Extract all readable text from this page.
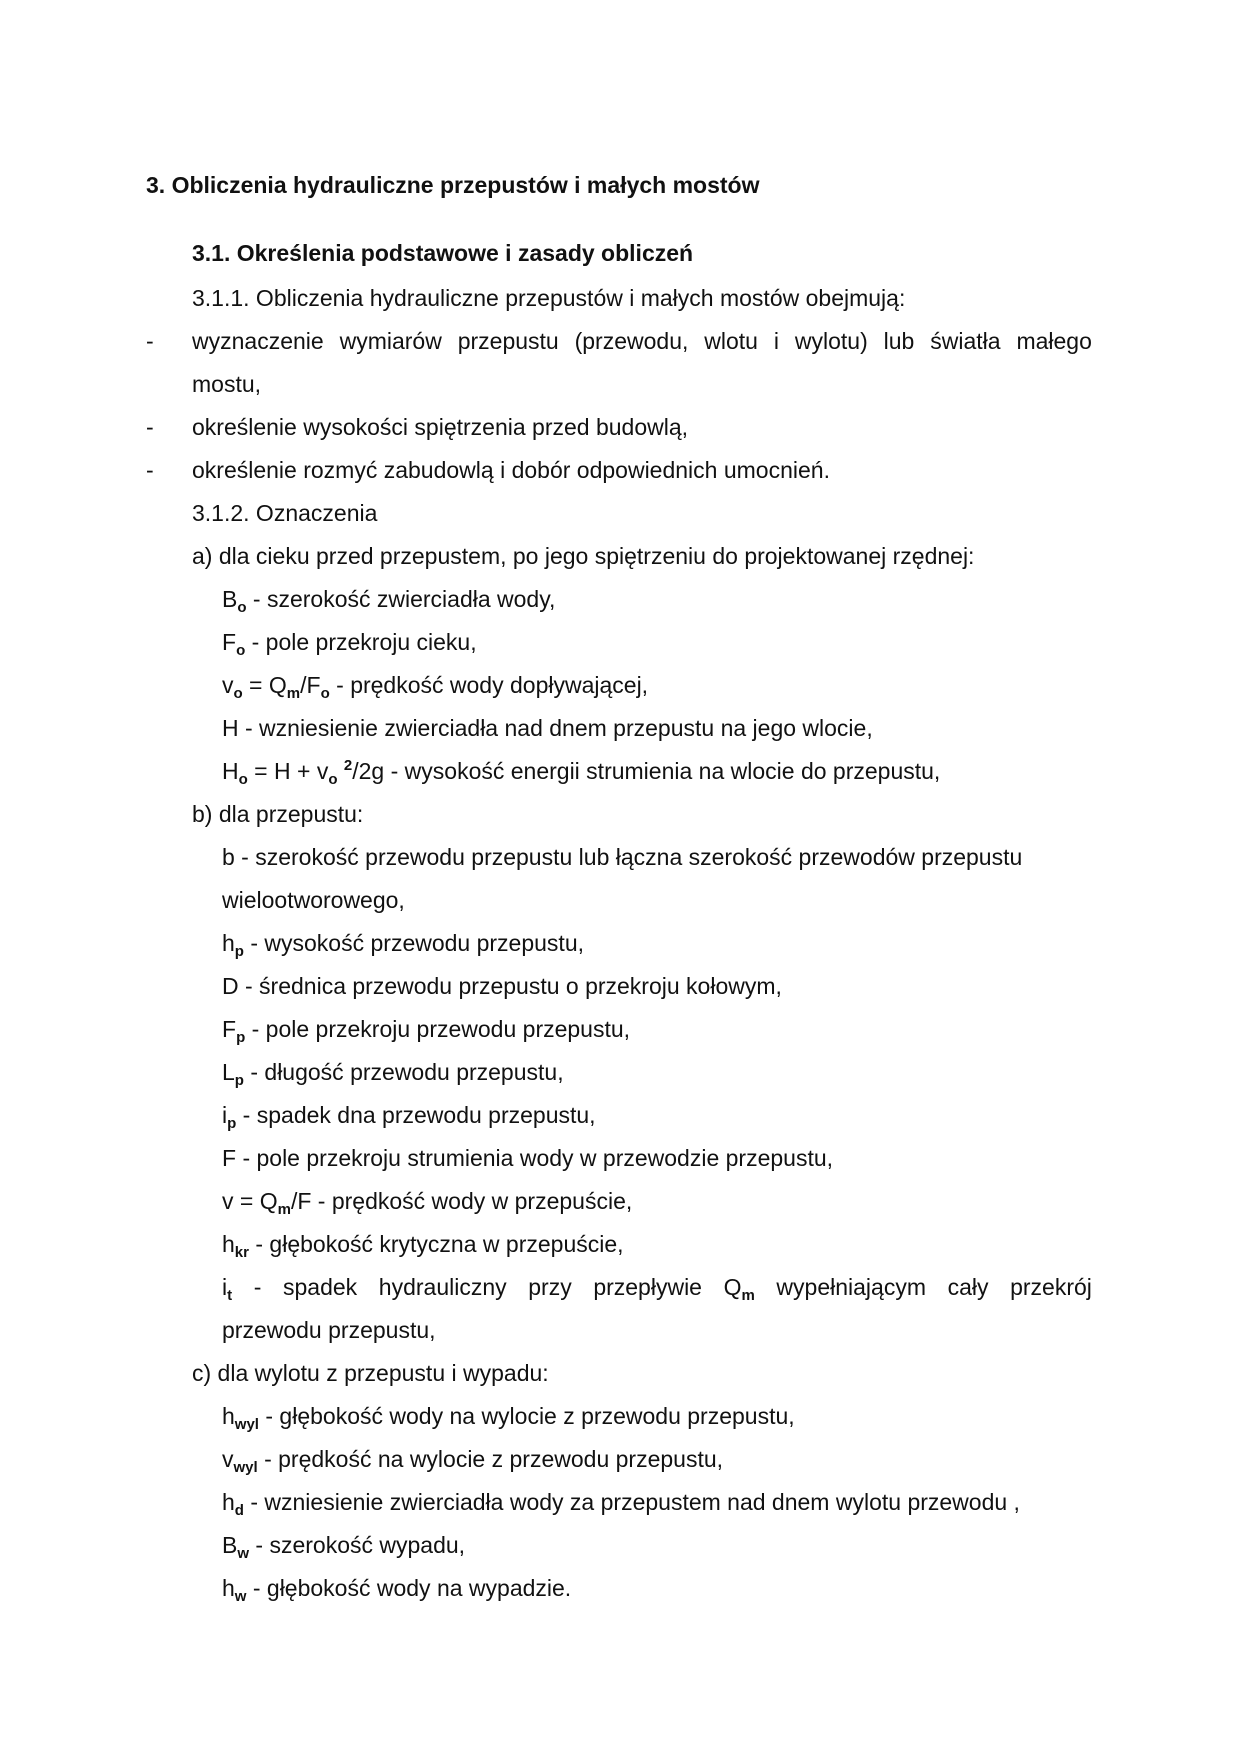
3. Obliczenia hydrauliczne przepustów i małych mostów
3.1. Określenia podstawowe i zasady obliczeń
3.1.1. Obliczenia hydrauliczne przepustów i małych mostów obejmują:
- wyznaczenie wymiarów przepustu (przewodu, wlotu i wylotu) lub światła małego
mostu,
- określenie wysokości spiętrzenia przed budowlą,
- określenie rozmyć zabudowlą i dobór odpowiednich umocnień.
3.1.2. Oznaczenia
a) dla cieku przed przepustem, po jego spiętrzeniu do projektowanej rzędnej:
$B_o$ - szerokość zwierciadła wody,
$F_o$ - pole przekroju cieku,
$v_o = Q_m/F_o$ - prędkość wody dopływającej,
H - wzniesienie zwierciadła nad dnem przepustu na jego wlocie,
$H_o = H + v_o$ $^2$/2g - wysokość energii strumienia na wlocie do przepustu,
b) dla przepustu:
b - szerokość przewodu przepustu lub łączna szerokość przewodów przepustu
wielootworowego,
$h_p$ - wysokość przewodu przepustu,
D - średnica przewodu przepustu o przekroju kołowym,
$F_p$ - pole przekroju przewodu przepustu,
$L_p$ - długość przewodu przepustu,
$i_p$ - spadek dna przewodu przepustu,
F - pole przekroju strumienia wody w przewodzie przepustu,
$v = Q_m/F$ - prędkość wody w przepuście,
$h_{kr}$ - głębokość krytyczna w przepuście,
$i_t$ - spadek hydrauliczny przy przepływie $Q_m$ wypełniającym cały przekrój
przewodu przepustu,
c) dla wylotu z przepustu i wypadu:
$h_{wyl}$ - głębokość wody na wylocie z przewodu przepustu,
$v_{wyl}$ - prędkość na wylocie z przewodu przepustu,
$h_d$ - wzniesienie zwierciadła wody za przepustem nad dnem wylotu przewodu ,
$B_w$ - szerokość wypadu,
$h_w$ - głębokość wody na wypadzie.
